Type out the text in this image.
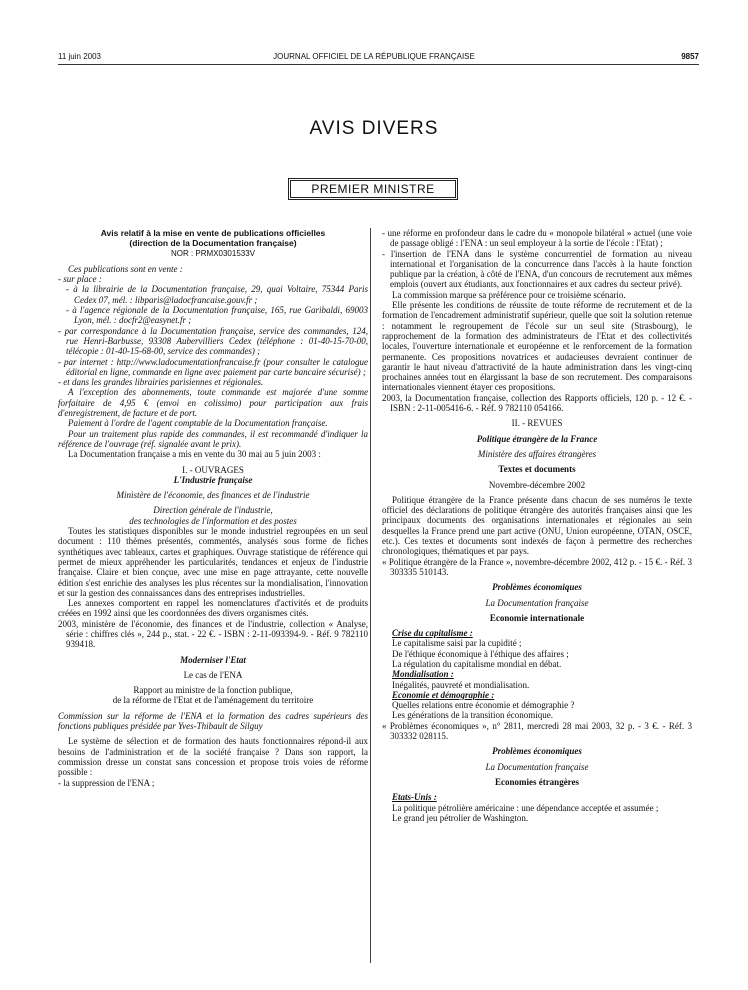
11 juin 2003	JOURNAL OFFICIEL DE LA RÉPUBLIQUE FRANÇAISE	9857
AVIS DIVERS
PREMIER MINISTRE

Avis relatif à la mise en vente de publications officielles

(direction de la Documentation française)

NOR : PRMX0301533V

Ces publications sont en vente :

- sur place :

- à la librairie de la Documentation française, 29, quai Voltaire, 75344 Paris Cedex 07, mél. : libparis@ladocfrancaise.gouv.fr ;

- à l'agence régionale de la Documentation française, 165, rue Garibaldi, 69003 Lyon, mél. : docfr2@easynet.fr ;

- par correspondance à la Documentation française, service des commandes, 124, rue Henri-Barbusse, 93308 Aubervilliers Cedex (téléphone : 01-40-15-70-00, télécopie : 01-40-15-68-00, service des commandes) ;

- par internet : http://www.ladocumentationfrancaise.fr (pour consulter le catalogue éditorial en ligne, commande en ligne avec paiement par carte bancaire sécurisé) ;

- et dans les grandes librairies parisiennes et régionales.

A l'exception des abonnements, toute commande est majorée d'une somme forfaitaire de 4,95 € (envoi en colissimo) pour participation aux frais d'enregistrement, de facture et de port.

Paiement à l'ordre de l'agent comptable de la Documentation française.

Pour un traitement plus rapide des commandes, il est recommandé d'indiquer la référence de l'ouvrage (réf. signalée avant le prix).

La Documentation française a mis en vente du 30 mai au 5 juin 2003 :

I. - OUVRAGES

L'Industrie française

Ministère de l'économie, des finances et de l'industrie

Direction générale de l'industrie,

des technologies de l'information et des postes

Toutes les statistiques disponibles sur le monde industriel regroupées en un seul document : 110 thèmes présentés, commentés, analysés sous forme de fiches synthétiques avec tableaux, cartes et graphiques. Ouvrage statistique de référence qui permet de mieux appréhender les particularités, tendances et enjeux de l'industrie française. Claire et bien conçue, avec une mise en page attrayante, cette nouvelle édition s'est enrichie des analyses les plus récentes sur la mondialisation, l'innovation et sur la gestion des connaissances dans des entreprises industrielles.

Les annexes comportent en rappel les nomenclatures d'activités et de produits créées en 1992 ainsi que les coordonnées des divers organismes cités.

2003, ministère de l'économie, des finances et de l'industrie, collection « Analyse, série : chiffres clés », 244 p., stat. - 22 €. - ISBN : 2-11-093394-9. - Réf. 9 782110 939418.

Moderniser l'Etat

Le cas de l'ENA

Rapport au ministre de la fonction publique,

de la réforme de l'Etat et de l'aménagement du territoire

Commission sur la réforme de l'ENA et la formation des cadres supérieurs des fonctions publiques présidée par Yves-Thibault de Silguy

Le système de sélection et de formation des hauts fonctionnaires répond-il aux besoins de l'administration et de la société française ? Dans son rapport, la commission dresse un constat sans concession et propose trois voies de réforme possible :

- la suppression de l'ENA ;

- une réforme en profondeur dans le cadre du « monopole bilatéral » actuel (une voie de passage obligé : l'ENA : un seul employeur à la sortie de l'école : l'Etat) ;

- l'insertion de l'ENA dans le système concurrentiel de formation au niveau international et l'organisation de la concurrence dans l'accès à la haute fonction publique par la création, à côté de l'ENA, d'un concours de recrutement aux mêmes emplois (ouvert aux étudiants, aux fonctionnaires et aux cadres du secteur privé).

La commission marque sa préférence pour ce troisième scénario.

Elle présente les conditions de réussite de toute réforme de recrutement et de la formation de l'encadrement administratif supérieur, quelle que soit la solution retenue : notamment le regroupement de l'école sur un seul site (Strasbourg), le rapprochement de la formation des administrateurs de l'Etat et des collectivités locales, l'ouverture internationale et européenne et le renforcement de la formation permanente. Ces propositions novatrices et audacieuses devraient continuer de garantir le haut niveau d'attractivité de la haute administration dans les vingt-cinq prochaines années tout en élargissant la base de son recrutement. Des comparaisons internationales viennent étayer ces propositions.

2003, la Documentation française, collection des Rapports officiels, 120 p. - 12 €. - ISBN : 2-11-005416-6. - Réf. 9 782110 054166.

II. - REVUES

Politique étrangère de la France

Ministère des affaires étrangères

Textes et documents

Novembre-décembre 2002

Politique étrangère de la France présente dans chacun de ses numéros le texte officiel des déclarations de politique étrangère des autorités françaises ainsi que les principaux documents des organisations internationales et régionales au sein desquelles la France prend une part active (ONU, Union européenne, OTAN, OSCE, etc.). Ces textes et documents sont indexés de façon à permettre des recherches chronologiques, thématiques et par pays.

« Politique étrangère de la France », novembre-décembre 2002, 412 p. - 15 €. - Réf. 3 303335 510143.

Problèmes économiques

La Documentation française

Economie internationale

Crise du capitalisme :

Le capitalisme saisi par la cupidité ;

De l'éthique économique à l'éthique des affaires ;

La régulation du capitalisme mondial en débat.

Mondialisation :

Inégalités, pauvreté et mondialisation.

Economie et démographie :

Quelles relations entre économie et démographie ?

Les générations de la transition économique.

« Problèmes économiques », n° 2811, mercredi 28 mai 2003, 32 p. - 3 €. - Réf. 3 303332 028115.

Problèmes économiques

La Documentation française

Economies étrangères

Etats-Unis :

La politique pétrolière américaine : une dépendance acceptée et assumée ;

Le grand jeu pétrolier de Washington.
